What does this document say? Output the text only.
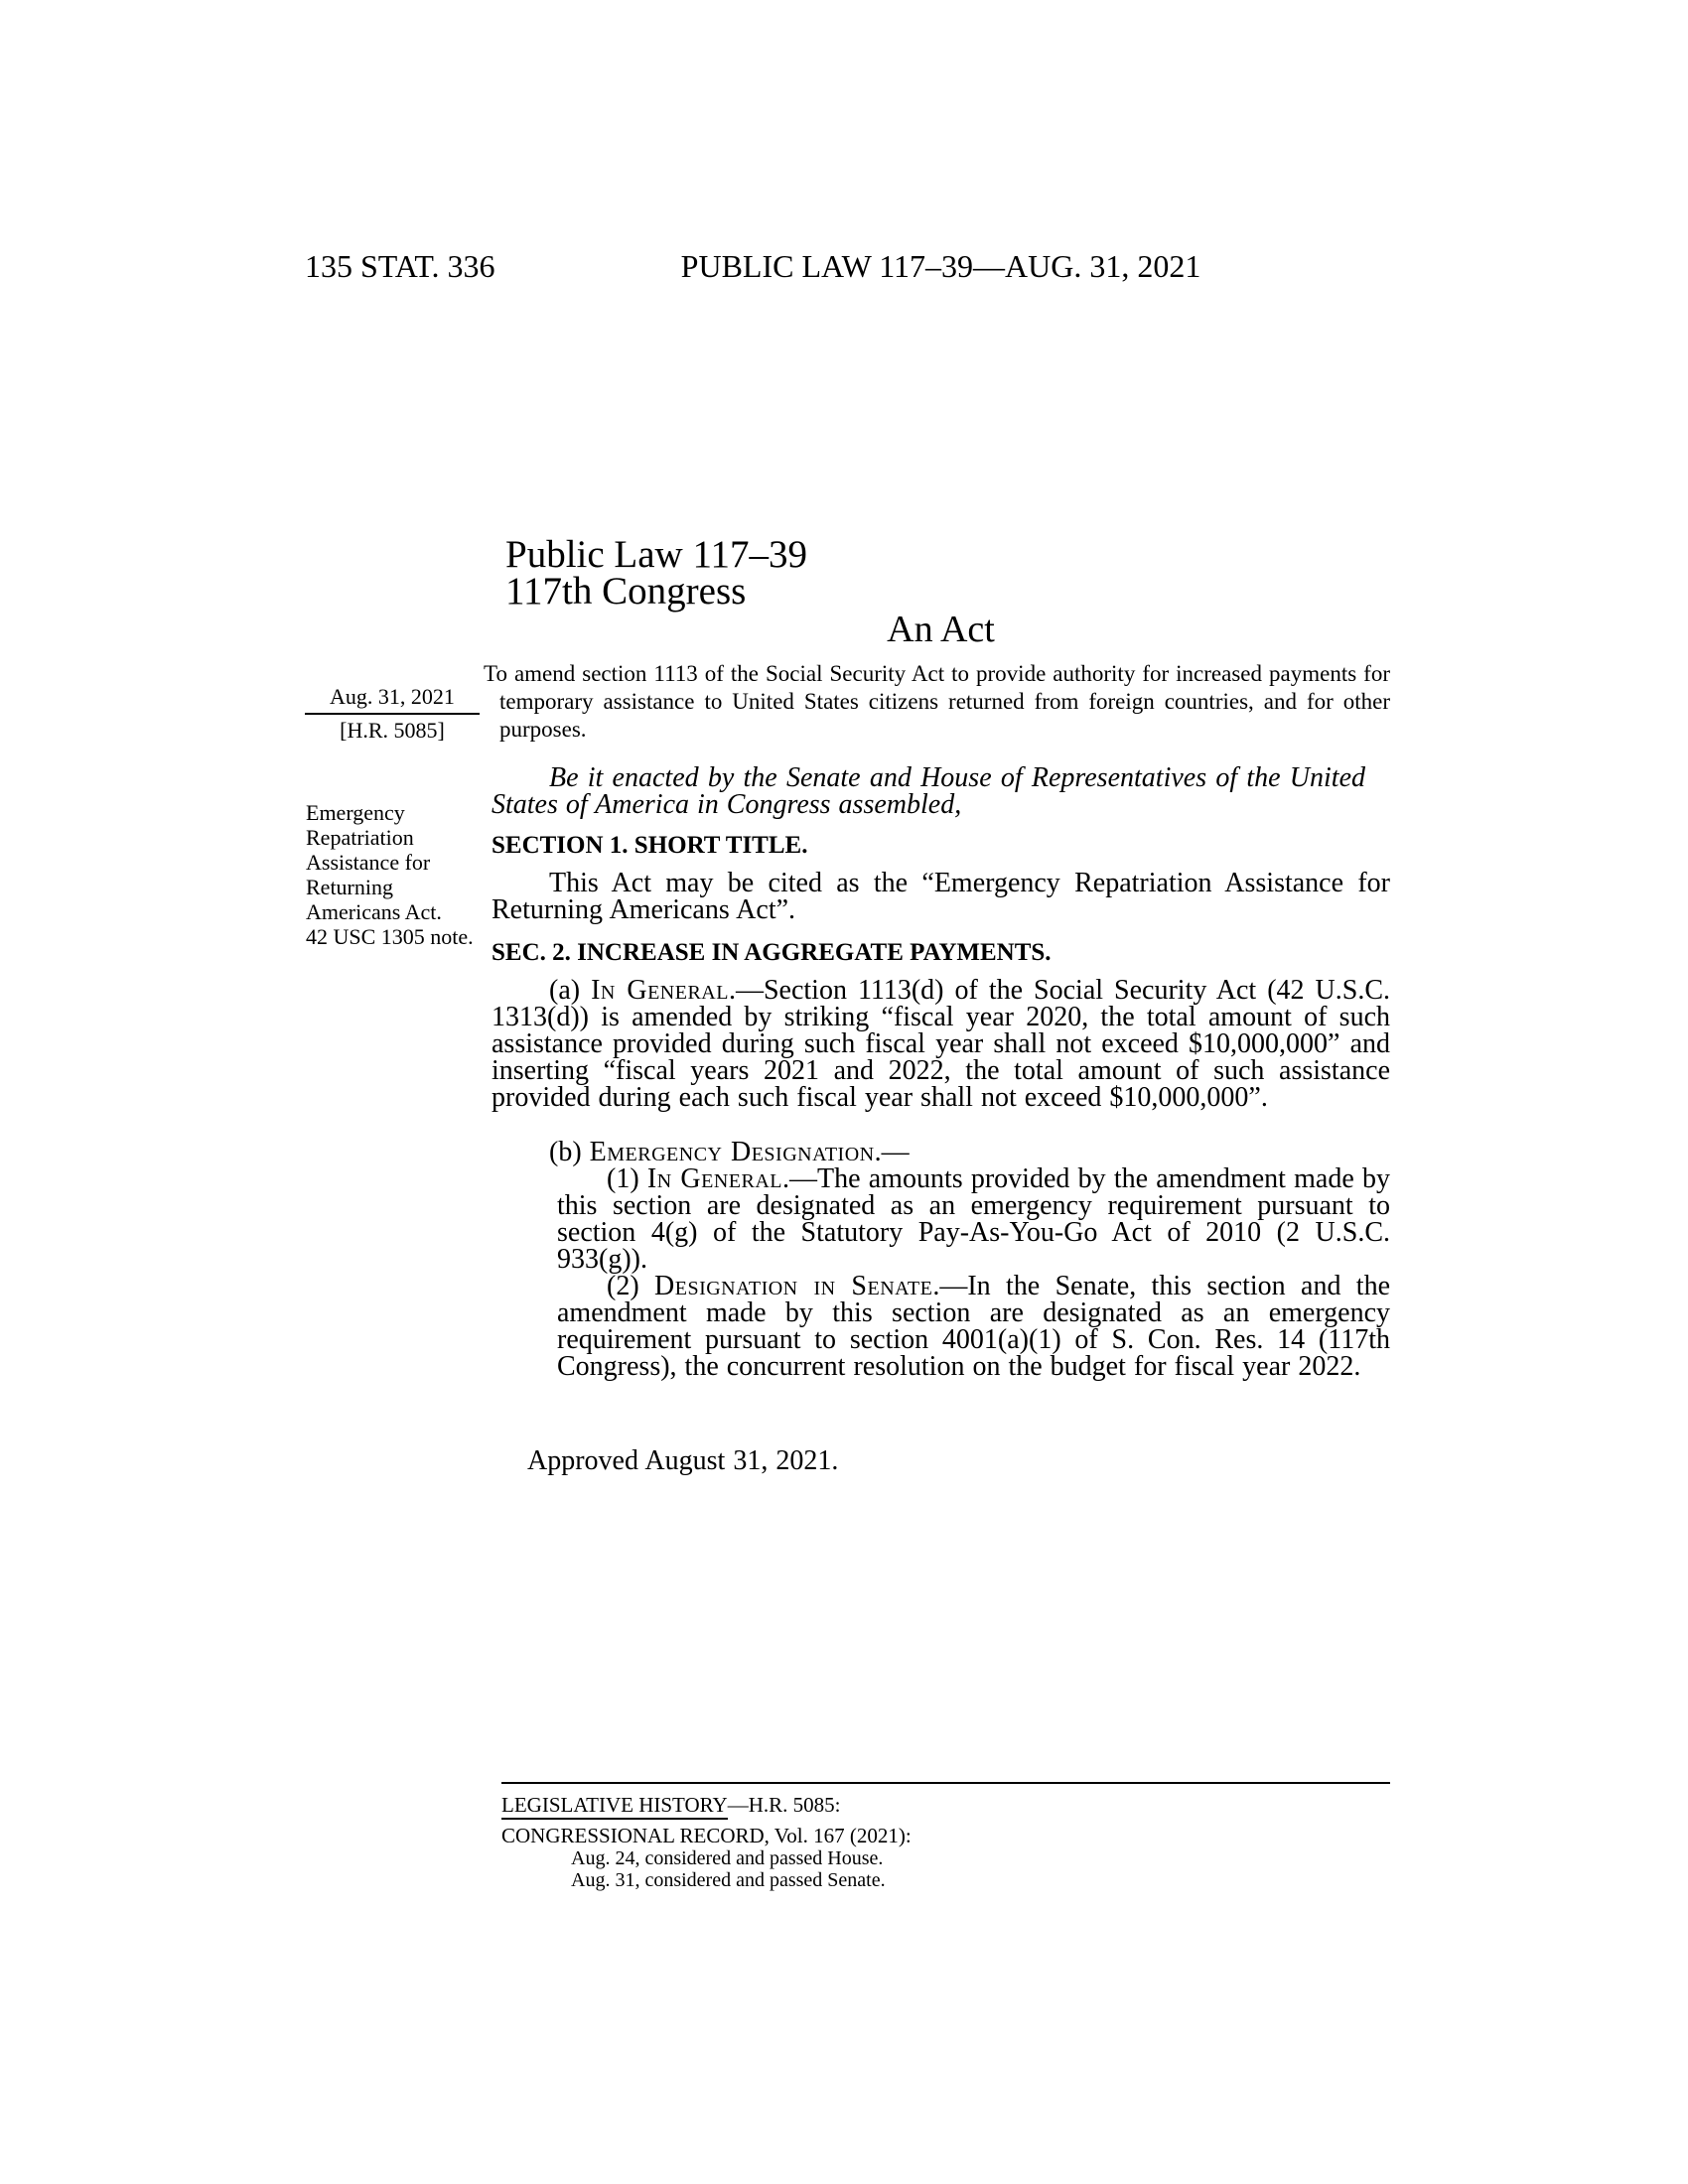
135 STAT. 336	PUBLIC LAW 117–39—AUG. 31, 2021
Public Law 117–39
117th Congress
An Act
To amend section 1113 of the Social Security Act to provide authority for increased payments for temporary assistance to United States citizens returned from foreign countries, and for other purposes.
Aug. 31, 2021
[H.R. 5085]
Emergency Repatriation Assistance for Returning Americans Act.
42 USC 1305 note.

Be it enacted by the Senate and House of Representatives of the United States of America in Congress assembled,

SECTION 1. SHORT TITLE.

This Act may be cited as the “Emergency Repatriation Assistance for Returning Americans Act”.

SEC. 2. INCREASE IN AGGREGATE PAYMENTS.

(a) In General.—Section 1113(d) of the Social Security Act (42 U.S.C. 1313(d)) is amended by striking “fiscal year 2020, the total amount of such assistance provided during such fiscal year shall not exceed $10,000,000” and inserting “fiscal years 2021 and 2022, the total amount of such assistance provided during each such fiscal year shall not exceed $10,000,000”.

(b) Emergency Designation.—

(1) In General.—The amounts provided by the amendment made by this section are designated as an emergency requirement pursuant to section 4(g) of the Statutory Pay-As-You-Go Act of 2010 (2 U.S.C. 933(g)).

(2) Designation in Senate.—In the Senate, this section and the amendment made by this section are designated as an emergency requirement pursuant to section 4001(a)(1) of S. Con. Res. 14 (117th Congress), the concurrent resolution on the budget for fiscal year 2022.

Approved August 31, 2021.

LEGISLATIVE HISTORY—H.R. 5085:
CONGRESSIONAL RECORD, Vol. 167 (2021):
Aug. 24, considered and passed House.
Aug. 31, considered and passed Senate.
